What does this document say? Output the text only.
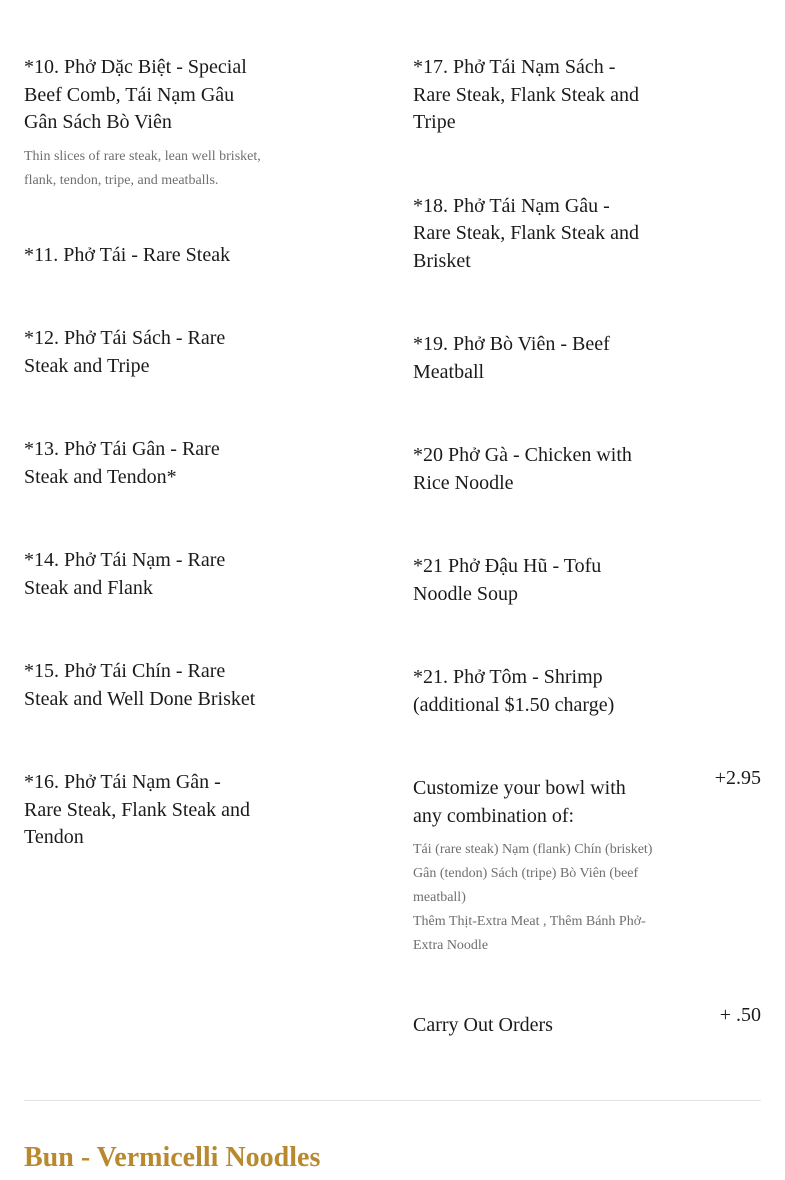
*10. Phở Dặc Biệt - Special Beef Comb, Tái Nạm Gâu Gân Sách Bò Viên

Thin slices of rare steak, lean well brisket, flank, tendon, tripe, and meatballs.

*11. Phở Tái - Rare Steak
*12. Phở Tái Sách - Rare Steak and Tripe
*13. Phở Tái Gân - Rare Steak and Tendon*
*14. Phở Tái Nạm - Rare Steak and Flank
*15. Phở Tái Chín - Rare Steak and Well Done Brisket
*16. Phở Tái Nạm Gân - Rare Steak, Flank Steak and Tendon
*17. Phở Tái Nạm Sách - Rare Steak, Flank Steak and Tripe
*18. Phở Tái Nạm Gâu - Rare Steak, Flank Steak and Brisket
*19. Phở Bò Viên - Beef Meatball
*20 Phở Gà - Chicken with Rice Noodle
*21 Phở Đậu Hũ - Tofu Noodle Soup
*21. Phở Tôm - Shrimp (additional $1.50 charge)
Customize your bowl with any combination of:
+2.95

Tái (rare steak) Nạm (flank) Chín (brisket) Gân (tendon) Sách (tripe) Bò Viên (beef meatball)
Thêm Thịt-Extra Meat , Thêm Bánh Phở-Extra Noodle

Carry Out Orders	+ .50
Bun - Vermicelli Noodles
